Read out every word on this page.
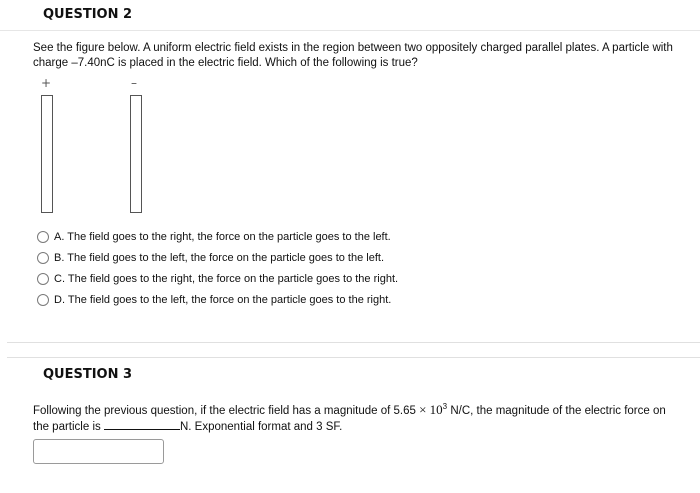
QUESTION 2
See the figure below. A uniform electric field exists in the region between two oppositely charged parallel plates. A particle with charge –7.40nC is placed in the electric field. Which of the following is true?
+	–
A. The field goes to the right, the force on the particle goes to the left.
B. The field goes to the left, the force on the particle goes to the left.
C. The field goes to the right, the force on the particle goes to the right.
D. The field goes to the left, the force on the particle goes to the right.
QUESTION 3
Following the previous question, if the electric field has a magnitude of $5.65 \times 10^3$ N/C, the magnitude of the electric force on the particle is	N. Exponential format and 3 SF.
